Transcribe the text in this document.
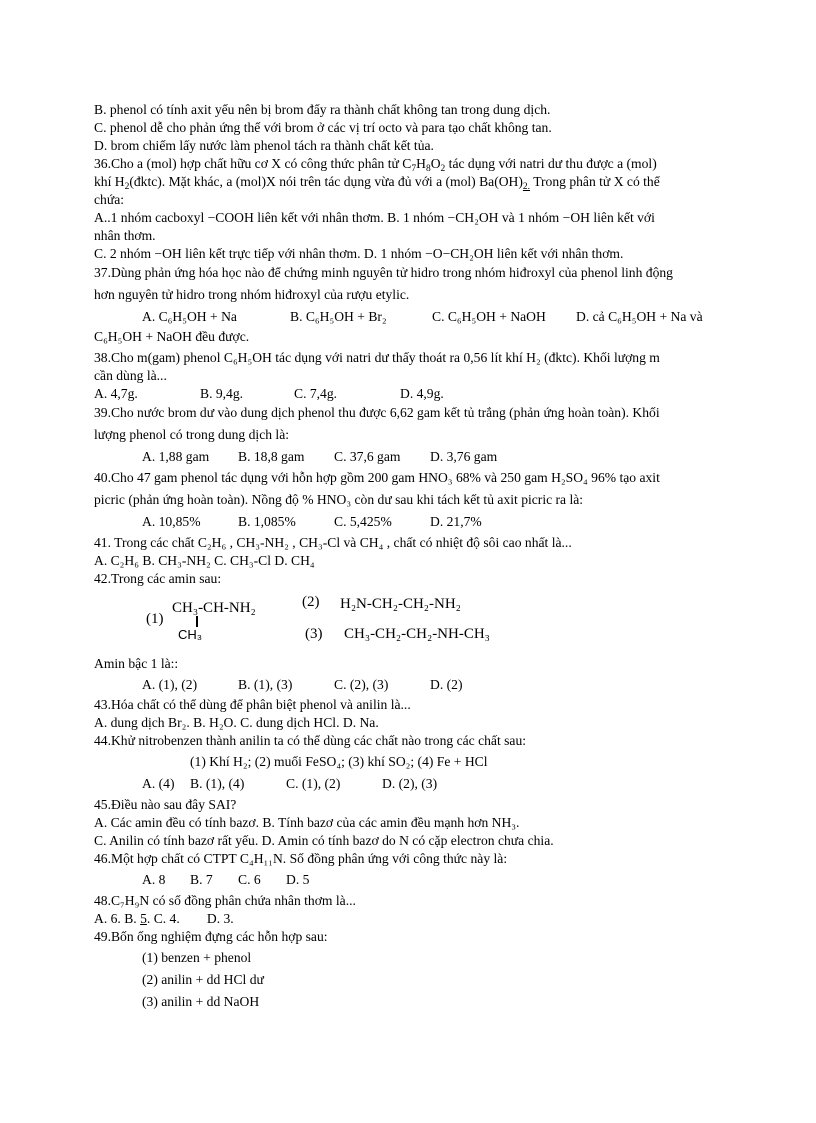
B. phenol có tính axit yếu nên bị brom đẩy ra thành chất không tan trong dung dịch.
C. phenol dễ cho phản ứng thế với brom ở các vị trí octo và para tạo chất không tan.
D. brom chiếm lấy nước làm phenol tách ra thành chất kết tủa.
36.Cho a (mol) hợp chất hữu cơ X có công thức phân tử $C_7H_8O_2$ tác dụng với natri dư thu được a (mol)
khí $H_2(đktc)$. Mặt khác, a (mol)X nói trên tác dụng vừa đủ với a (mol) $Ba(OH)_{2.}$ Trong phân tử X có thể
chứa:
A..1 nhóm cacboxyl −COOH liên kết với nhân thơm. B. 1 nhóm −CH₂OH và 1 nhóm −OH liên kết với
nhân thơm.
C. 2 nhóm −OH liên kết trực tiếp với nhân thơm. D. 1 nhóm −O−CH₂OH liên kết với nhân thơm.
37.Dùng phản ứng hóa học nào để chứng minh nguyên tử hidro trong nhóm hiđroxyl của phenol linh động
hơn nguyên tử hidro trong nhóm hiđroxyl của rượu etylic.
A. C₆H₅OH + Na	B. C₆H₅OH + Br₂	C. C₆H₅OH + NaOH D. cả C₆H₅OH + Na và
C₆H₅OH + NaOH đều được.
38.Cho m(gam) phenol C₆H₅OH tác dụng với natri dư thấy thoát ra 0,56 lít khí H₂ (đktc). Khối lượng m
cần dùng là...
A. 4,7g.	B. 9,4g.	C. 7,4g.	D. 4,9g.
39.Cho nước brom dư vào dung dịch phenol thu được 6,62 gam kết tủ trắng (phản ứng hoàn toàn). Khối
lượng phenol có trong dung dịch là:
A. 1,88 gam B. 18,8 gam C. 37,6 gam D. 3,76 gam
40.Cho 47 gam phenol tác dụng với hỗn hợp gồm 200 gam HNO₃ 68% và 250 gam H₂SO₄ 96% tạo axit
picric (phản ứng hoàn toàn). Nồng độ % HNO₃ còn dư sau khi tách kết tủ axit picric ra là:
A. 10,85%	B. 1,085%	C. 5,425%	D. 21,7%
41. Trong các chất C₂H₆ , CH₃-NH₂ , CH₃-Cl và CH₄ , chất có nhiệt độ sôi cao nhất là...
A. C₂H₆ B. CH₃-NH₂ C. CH₃-Cl D. CH₄
42.Trong các amin sau:
(1)
CH₃-CH-NH₂
CH₃
(2) H₂N-CH₂-CH₂-NH₂
(3) CH₃-CH₂-CH₂-NH-CH₃
Amin bậc 1 là::
A. (1), (2)	B. (1), (3)	C. (2), (3)	D. (2)
43.Hóa chất có thể dùng để phân biệt phenol và anilin là...
A. dung dịch Br₂. B. H₂O. C. dung dịch HCl. D. Na.
44.Khử nitrobenzen thành anilin ta có thể dùng các chất nào trong các chất sau:
(1) Khí H₂; (2) muối FeSO₄; (3) khí SO₂; (4) Fe + HCl
A. (4) B. (1), (4)	C. (1), (2)	D. (2), (3)
45.Điều nào sau đây SAI?
A. Các amin đều có tính bazơ. B. Tính bazơ của các amin đều mạnh hơn NH₃.
C. Anilin có tính bazơ rất yếu. D. Amin có tính bazơ do N có cặp electron chưa chia.
46.Một hợp chất có CTPT C₄H₁₁N. Số đồng phân ứng với công thức này là:
A. 8 B. 7 C. 6 D. 5
48.C₇H₉N có số đồng phân chứa nhân thơm là...
A. 6. B. 5. C. 4. D. 3.
49.Bốn ống nghiệm đựng các hỗn hợp sau:
(1) benzen + phenol
(2) anilin + dd HCl dư
(3) anilin + dd NaOH
